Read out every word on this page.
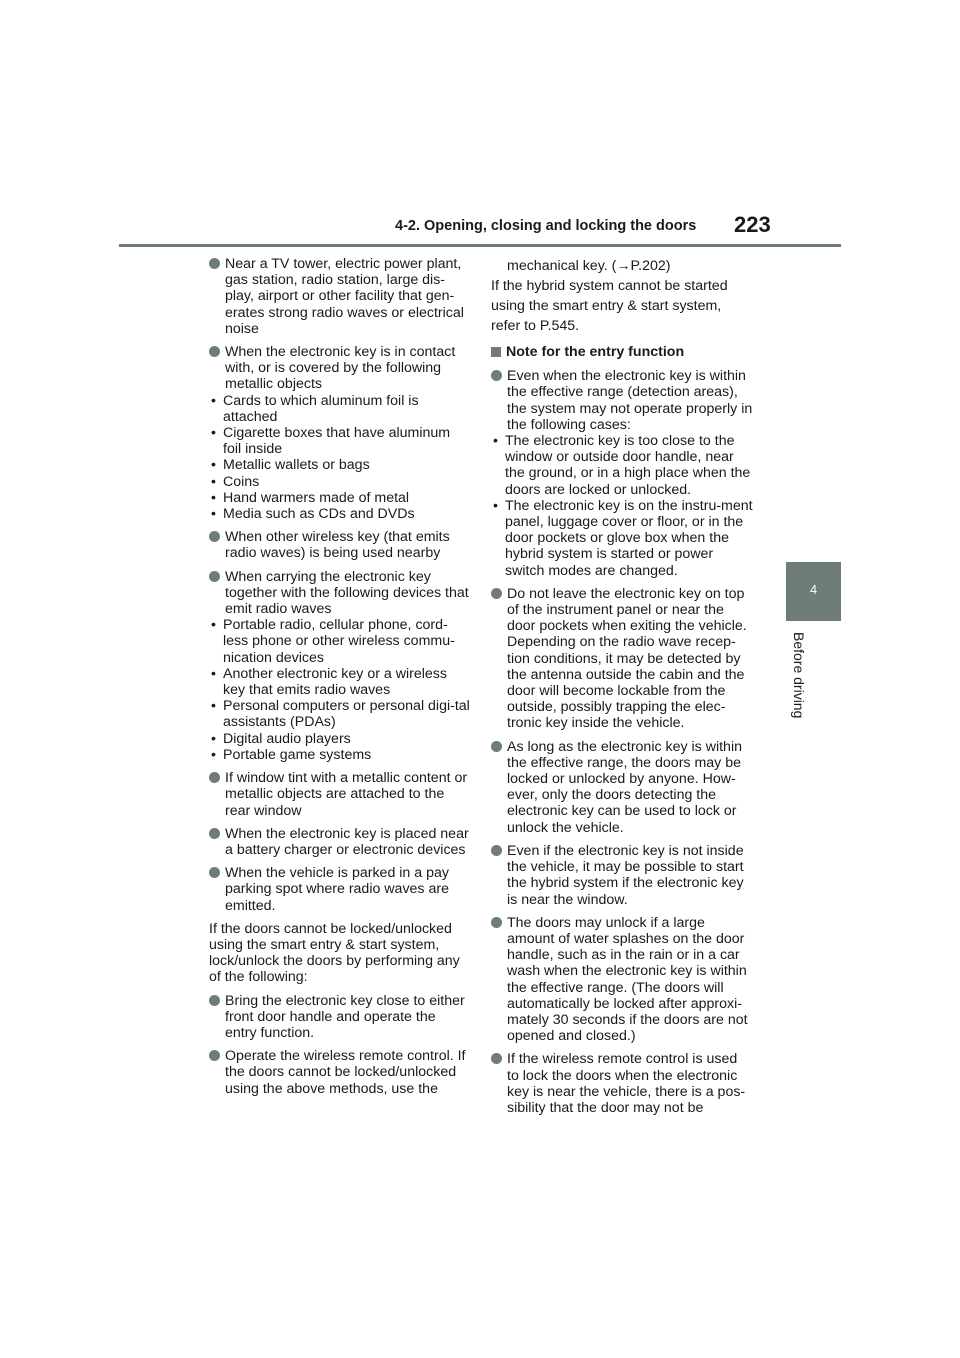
4-2. Opening, closing and locking the doors 223
4
Before driving
Near a TV tower, electric power plant, gas station, radio station, large dis-play, airport or other facility that gen-erates strong radio waves or electrical noise
When the electronic key is in contact with, or is covered by the following metallic objects
• Cards to which aluminum foil is attached
• Cigarette boxes that have aluminum foil inside
• Metallic wallets or bags
• Coins
• Hand warmers made of metal
• Media such as CDs and DVDs
When other wireless key (that emits radio waves) is being used nearby
When carrying the electronic key together with the following devices that emit radio waves
• Portable radio, cellular phone, cord-less phone or other wireless commu-nication devices
• Another electronic key or a wireless key that emits radio waves
• Personal computers or personal digi-tal assistants (PDAs)
• Digital audio players
• Portable game systems
If window tint with a metallic content or metallic objects are attached to the rear window
When the electronic key is placed near a battery charger or electronic devices
When the vehicle is parked in a pay parking spot where radio waves are emitted.

If the doors cannot be locked/unlocked using the smart entry & start system, lock/unlock the doors by performing any of the following:

Bring the electronic key close to either front door handle and operate the entry function.
Operate the wireless remote control. If the doors cannot be locked/unlocked using the above methods, use the

mechanical key. (→P.202)

If the hybrid system cannot be started using the smart entry & start system, refer to P.545.

Note for the entry function
Even when the electronic key is within the effective range (detection areas), the system may not operate properly in the following cases:
• The electronic key is too close to the window or outside door handle, near the ground, or in a high place when the doors are locked or unlocked.
• The electronic key is on the instru-ment panel, luggage cover or floor, or in the door pockets or glove box when the hybrid system is started or power switch modes are changed.
Do not leave the electronic key on top of the instrument panel or near the door pockets when exiting the vehicle. Depending on the radio wave recep-tion conditions, it may be detected by the antenna outside the cabin and the door will become lockable from the outside, possibly trapping the elec-tronic key inside the vehicle.
As long as the electronic key is within the effective range, the doors may be locked or unlocked by anyone. How-ever, only the doors detecting the electronic key can be used to lock or unlock the vehicle.
Even if the electronic key is not inside the vehicle, it may be possible to start the hybrid system if the electronic key is near the window.
The doors may unlock if a large amount of water splashes on the door handle, such as in the rain or in a car wash when the electronic key is within the effective range. (The doors will automatically be locked after approxi-mately 30 seconds if the doors are not opened and closed.)
If the wireless remote control is used to lock the doors when the electronic key is near the vehicle, there is a pos-sibility that the door may not be
